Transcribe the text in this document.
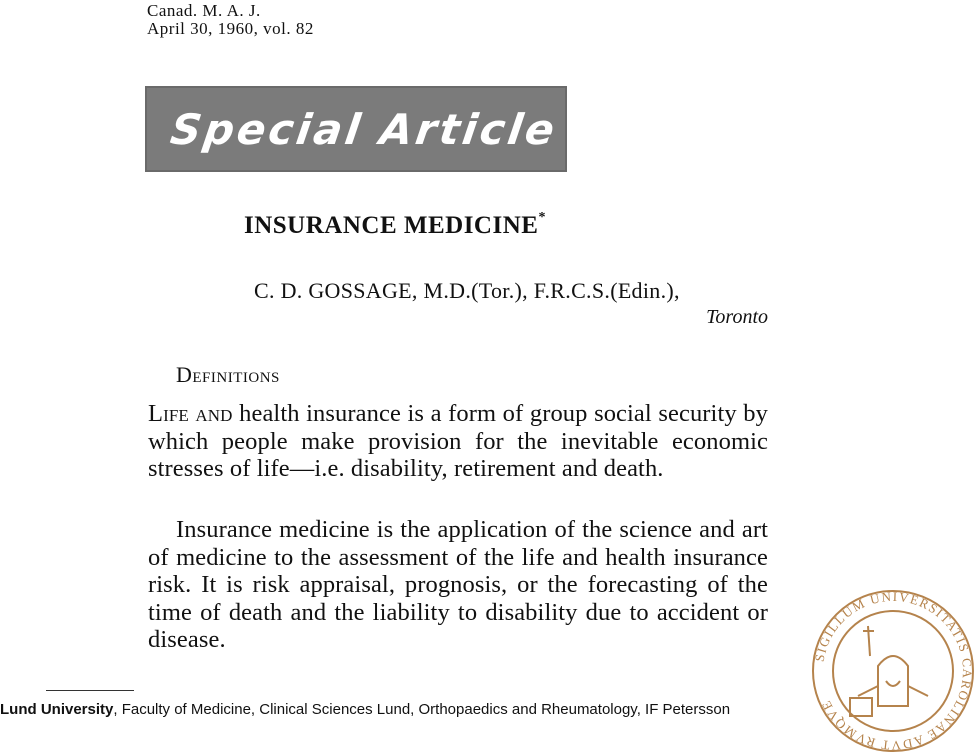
Canad. M. A. J.
April 30, 1960, vol. 82
Special Article
INSURANCE MEDICINE*
C. D. GOSSAGE, M.D.(Tor.), F.R.C.S.(Edin.),
Toronto
Definitions
Life and health insurance is a form of group social security by which people make provision for the inevitable economic stresses of life—i.e. disability, retirement and death.
Insurance medicine is the application of the science and art of medicine to the assessment of the life and health insurance risk. It is risk appraisal, prognosis, or the forecasting of the time of death and the liability to disability due to accident or disease.
Lund University, Faculty of Medicine, Clinical Sciences Lund, Orthopaedics and Rheumatology, IF Petersson
SIGILLUM UNIVERSITATIS CAROLINAE ADVT RVMQVE
